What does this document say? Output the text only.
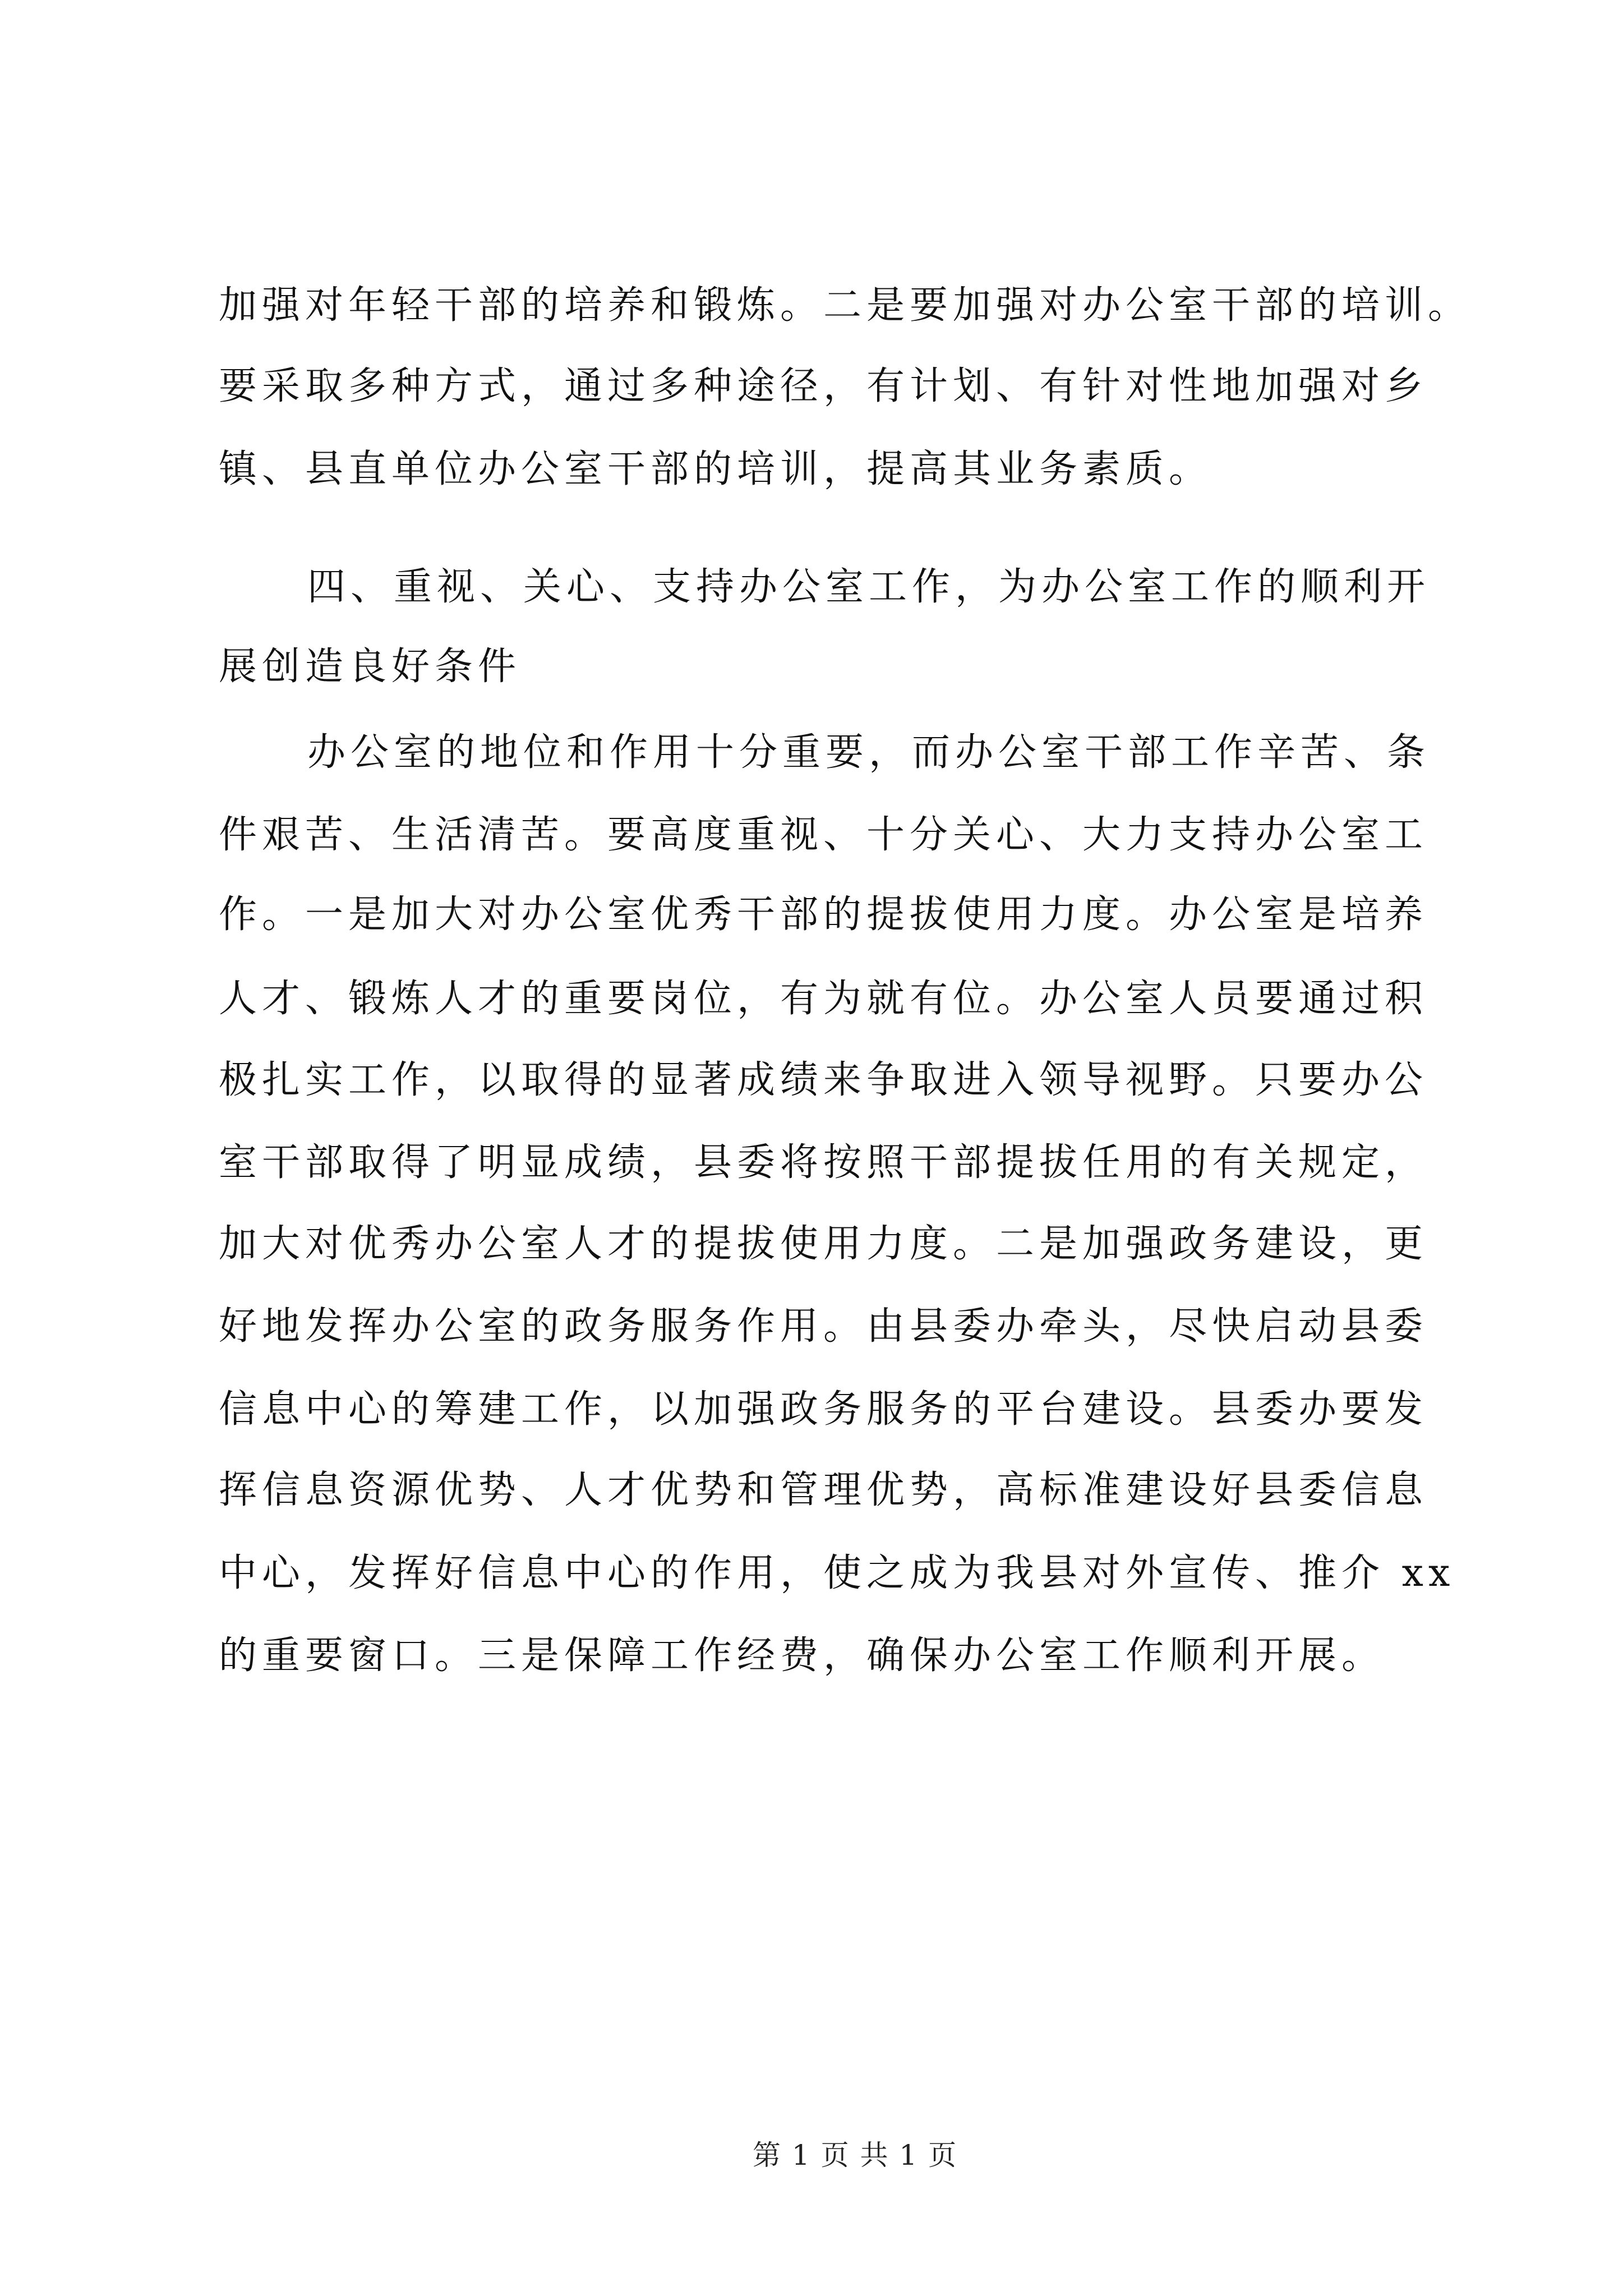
加强对年轻干部的培养和锻炼。二是要加强对办公室干部的培训。
要采取多种方式，通过多种途径，有计划、有针对性地加强对乡
镇、县直单位办公室干部的培训，提高其业务素质。
四、重视、关心、支持办公室工作，为办公室工作的顺利开
展创造良好条件
办公室的地位和作用十分重要，而办公室干部工作辛苦、条
件艰苦、生活清苦。要高度重视、十分关心、大力支持办公室工
作。一是加大对办公室优秀干部的提拔使用力度。办公室是培养
人才、锻炼人才的重要岗位，有为就有位。办公室人员要通过积
极扎实工作，以取得的显著成绩来争取进入领导视野。只要办公
室干部取得了明显成绩，县委将按照干部提拔任用的有关规定，
加大对优秀办公室人才的提拔使用力度。二是加强政务建设，更
好地发挥办公室的政务服务作用。由县委办牵头，尽快启动县委
信息中心的筹建工作，以加强政务服务的平台建设。县委办要发
挥信息资源优势、人才优势和管理优势，高标准建设好县委信息
中心，发挥好信息中心的作用，使之成为我县对外宣传、推介 xx
的重要窗口。三是保障工作经费，确保办公室工作顺利开展。
第 1 页 共 1 页
